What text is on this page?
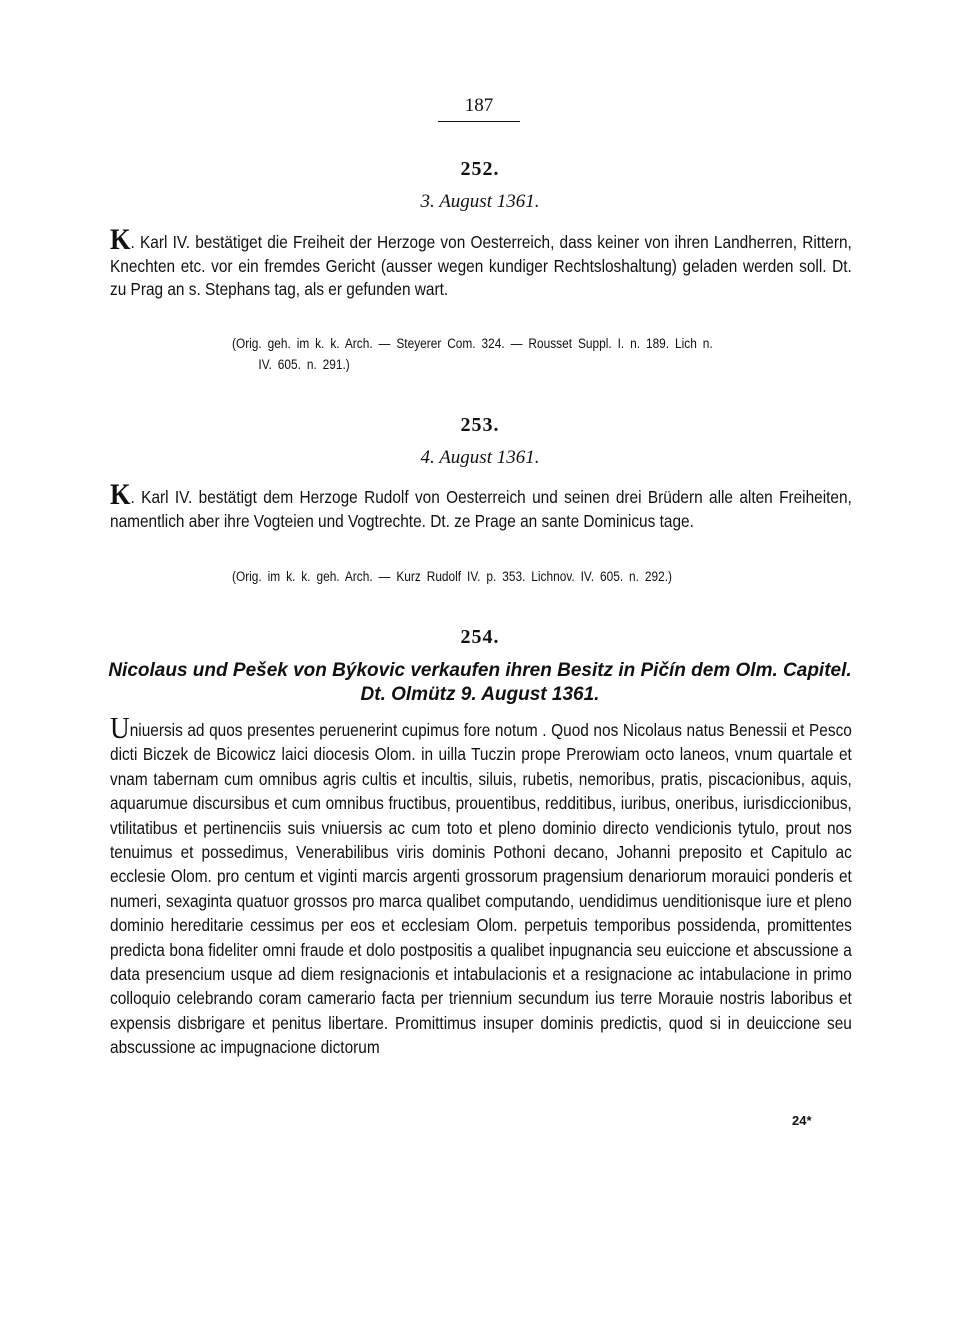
187
252.
3. August 1361.

K. Karl IV. bestätiget die Freiheit der Herzoge von Oesterreich, dass keiner von ihren Landherren, Rittern, Knechten etc. vor ein fremdes Gericht (ausser wegen kundiger Rechtsloshaltung) geladen werden soll. Dt. zu Prag an s. Stephans tag, als er gefunden wart.

(Orig. geh. im k. k. Arch. — Steyerer Com. 324. — Rousset Suppl. I. n. 189. Lich n.
IV. 605. n. 291.)

253.
4. August 1361.

K. Karl IV. bestätigt dem Herzoge Rudolf von Oesterreich und seinen drei Brüdern alle alten Freiheiten, namentlich aber ihre Vogteien und Vogtrechte. Dt. ze Prage an sante Dominicus tage.

(Orig. im k. k. geh. Arch. — Kurz Rudolf IV. p. 353. Lichnov. IV. 605. n. 292.)

254.
Nicolaus und Pešek von Býkovic verkaufen ihren Besitz in Pičín dem Olm. Capitel.
Dt. Olmütz 9. August 1361.

Uniuersis ad quos presentes peruenerint cupimus fore notum . Quod nos Nicolaus natus Benessii et Pesco dicti Biczek de Bicowicz laici diocesis Olom. in uilla Tuczin prope Prerowiam octo laneos, vnum quartale et vnam tabernam cum omnibus agris cultis et incultis, siluis, rubetis, nemoribus, pratis, piscacionibus, aquis, aquarumue discursibus et cum omnibus fructibus, prouentibus, redditibus, iuribus, oneribus, iurisdiccionibus, vtilitatibus et pertinenciis suis vniuersis ac cum toto et pleno dominio directo vendicionis tytulo, prout nos tenuimus et possedimus, Venerabilibus viris dominis Pothoni decano, Johanni preposito et Capitulo ac ecclesie Olom. pro centum et viginti marcis argenti grossorum pragensium denariorum morauici ponderis et numeri, sexaginta quatuor grossos pro marca qualibet computando, uendidimus uenditionisque iure et pleno dominio hereditarie cessimus per eos et ecclesiam Olom. perpetuis temporibus possidenda, promittentes predicta bona fideliter omni fraude et dolo postpositis a qualibet inpugnancia seu euiccione et abscussione a data presencium usque ad diem resignacionis et intabulacionis et a resignacione ac intabulacione in primo colloquio celebrando coram camerario facta per triennium secundum ius terre Morauie nostris laboribus et expensis disbrigare et penitus libertare. Promittimus insuper dominis predictis, quod si in deuiccione seu abscussione ac impugnacione dictorum

24*
